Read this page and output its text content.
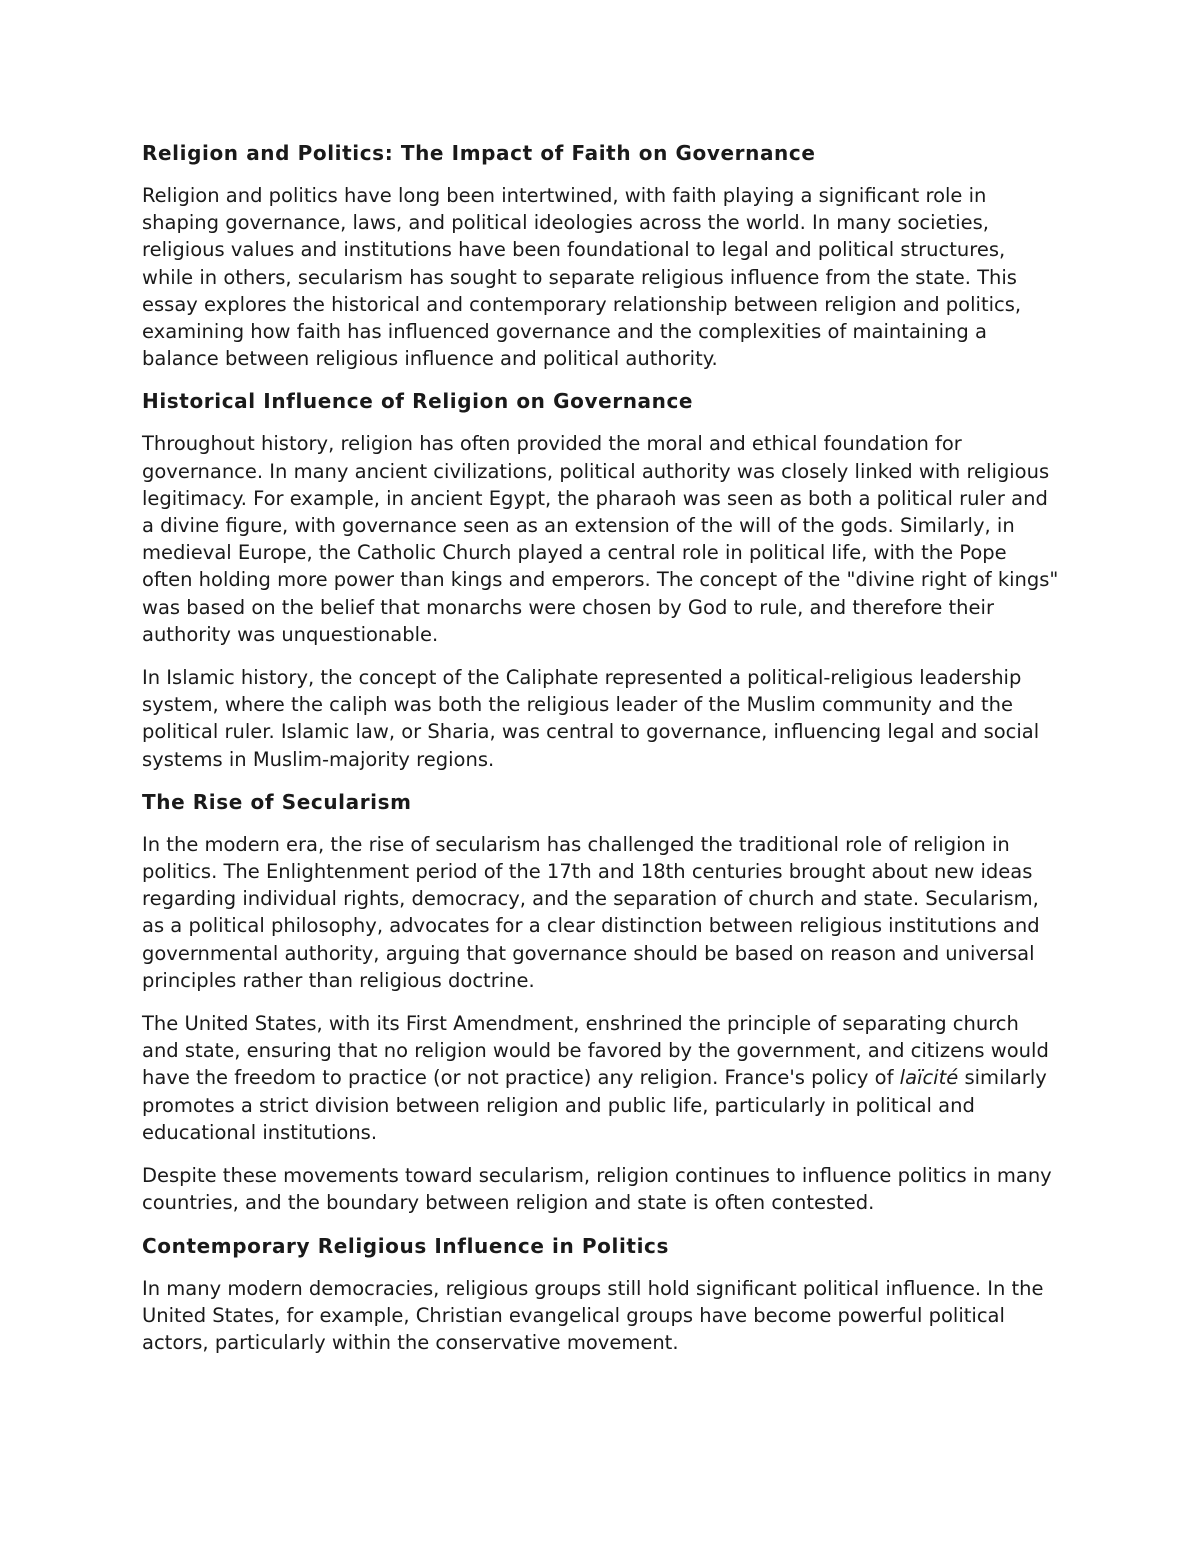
Religion and Politics: The Impact of Faith on Governance

Religion and politics have long been intertwined, with faith playing a significant role in shaping governance, laws, and political ideologies across the world. In many societies, religious values and institutions have been foundational to legal and political structures, while in others, secularism has sought to separate religious influence from the state. This essay explores the historical and contemporary relationship between religion and politics, examining how faith has influenced governance and the complexities of maintaining a balance between religious influence and political authority.

Historical Influence of Religion on Governance

Throughout history, religion has often provided the moral and ethical foundation for governance. In many ancient civilizations, political authority was closely linked with religious legitimacy. For example, in ancient Egypt, the pharaoh was seen as both a political ruler and a divine figure, with governance seen as an extension of the will of the gods. Similarly, in medieval Europe, the Catholic Church played a central role in political life, with the Pope often holding more power than kings and emperors. The concept of the "divine right of kings" was based on the belief that monarchs were chosen by God to rule, and therefore their authority was unquestionable.

In Islamic history, the concept of the Caliphate represented a political-religious leadership system, where the caliph was both the religious leader of the Muslim community and the political ruler. Islamic law, or Sharia, was central to governance, influencing legal and social systems in Muslim-majority regions.

The Rise of Secularism

In the modern era, the rise of secularism has challenged the traditional role of religion in politics. The Enlightenment period of the 17th and 18th centuries brought about new ideas regarding individual rights, democracy, and the separation of church and state. Secularism, as a political philosophy, advocates for a clear distinction between religious institutions and governmental authority, arguing that governance should be based on reason and universal principles rather than religious doctrine.

The United States, with its First Amendment, enshrined the principle of separating church and state, ensuring that no religion would be favored by the government, and citizens would have the freedom to practice (or not practice) any religion. France's policy of laïcité similarly promotes a strict division between religion and public life, particularly in political and educational institutions.

Despite these movements toward secularism, religion continues to influence politics in many countries, and the boundary between religion and state is often contested.

Contemporary Religious Influence in Politics

In many modern democracies, religious groups still hold significant political influence. In the United States, for example, Christian evangelical groups have become powerful political actors, particularly within the conservative movement.
